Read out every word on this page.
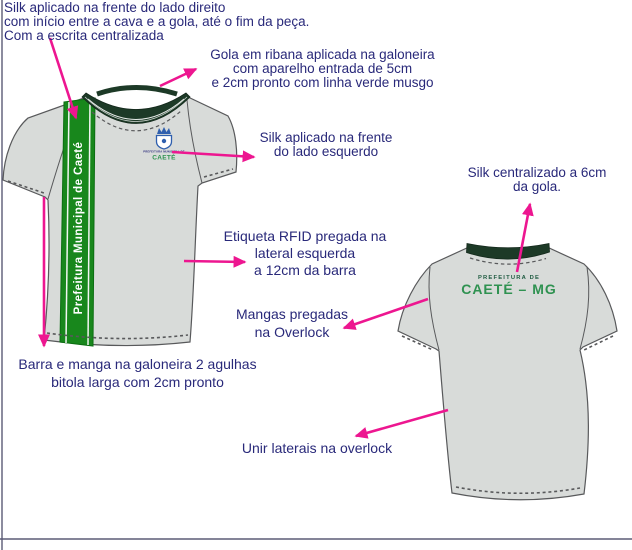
Prefeitura Municipal de Caeté	PREFEITURA MUNICIPAL DE
CAETÉ
PREFEITURA DE
CAETÉ – MG
Silk aplicado na frente do lado direito
com início entre a cava e a gola, até o fim da peça.
Com a escrita centralizada
Gola em ribana aplicada na galoneira
com aparelho entrada de 5cm
e 2cm pronto com linha verde musgo
Silk aplicado na frente
do lado esquerdo
Silk centralizado a 6cm
da gola.
Etiqueta RFID pregada na
lateral esquerda
a 12cm da barra
Mangas pregadas
na Overlock
Barra e manga na galoneira 2 agulhas
bitola larga com 2cm pronto
Unir laterais na overlock
